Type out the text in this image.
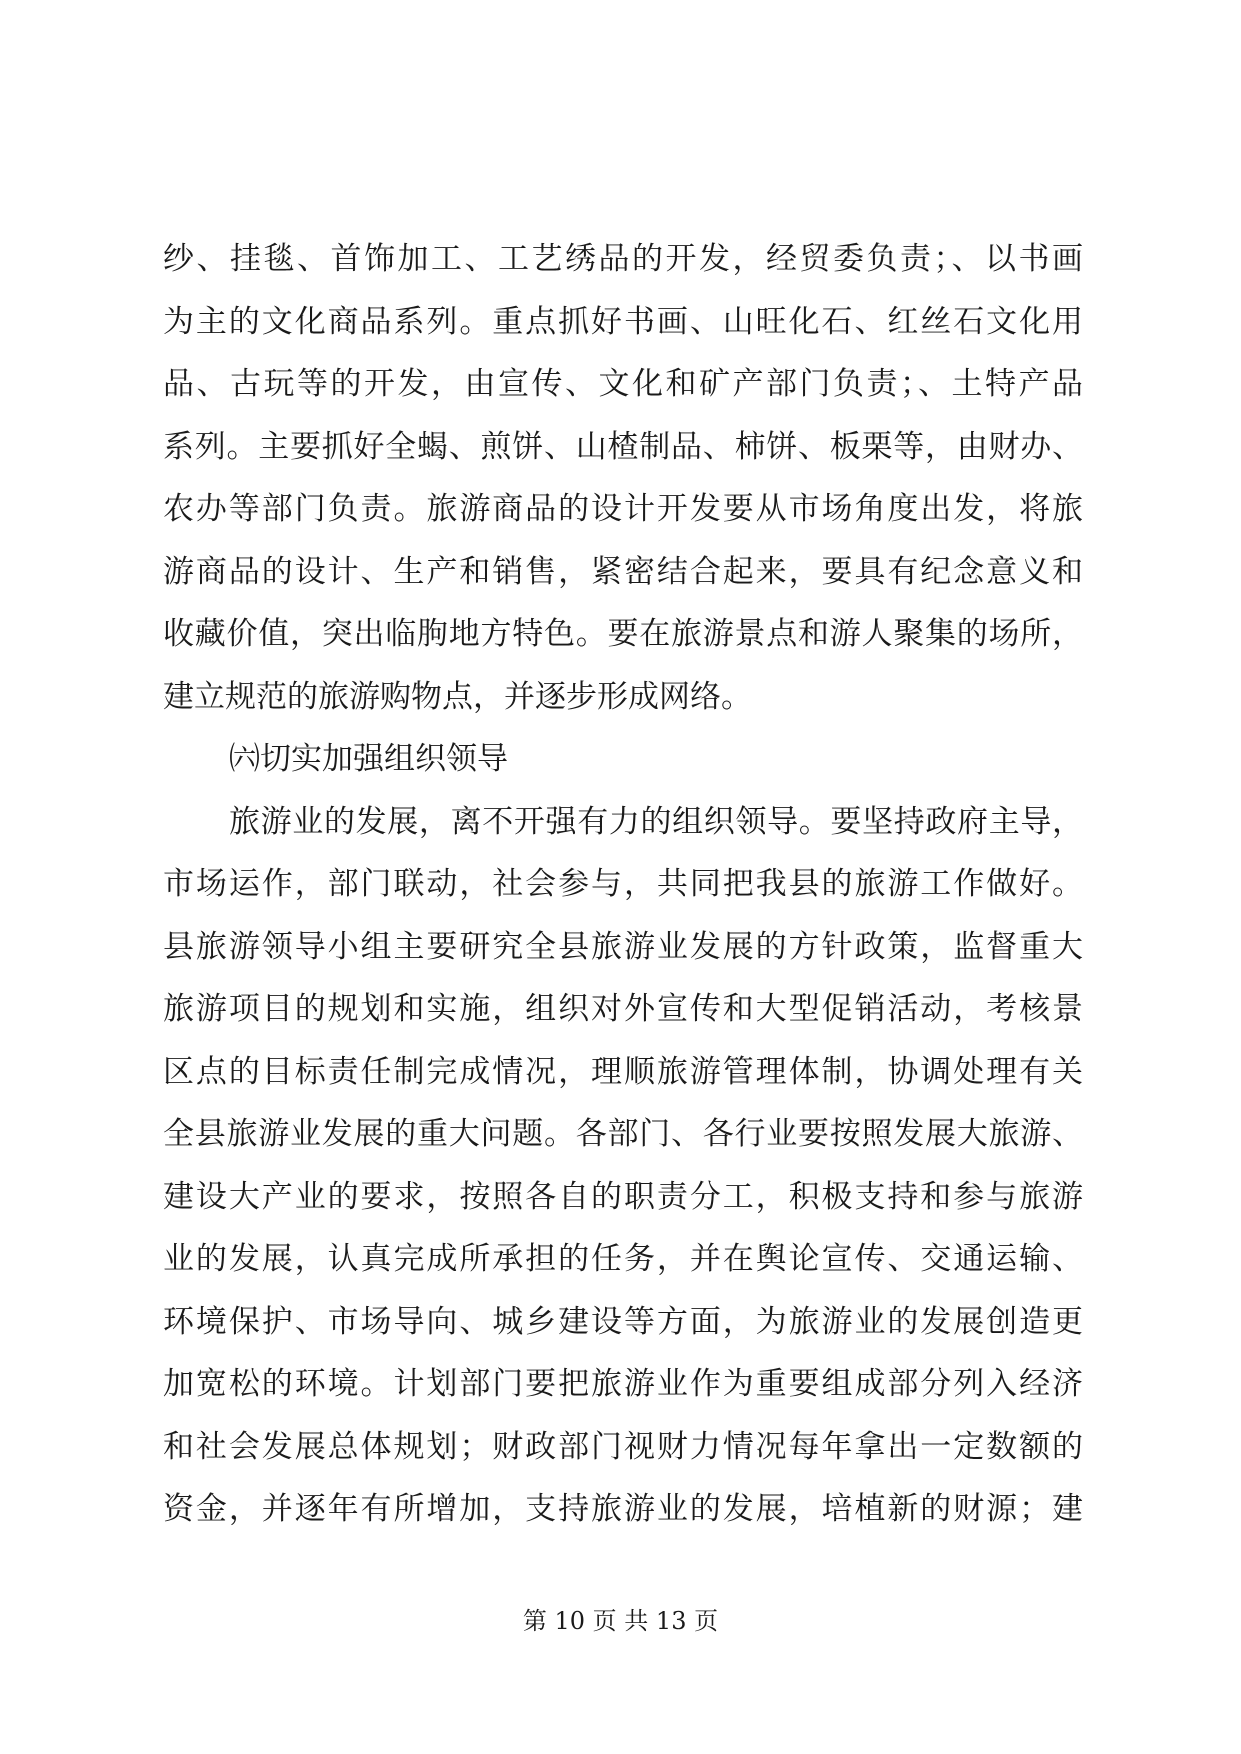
纱、挂毯、首饰加工、工艺绣品的开发，经贸委负责；、以书画
为主的文化商品系列。重点抓好书画、山旺化石、红丝石文化用
品、古玩等的开发，由宣传、文化和矿产部门负责；、土特产品
系列。主要抓好全蝎、煎饼、山楂制品、柿饼、板栗等，由财办、
农办等部门负责。旅游商品的设计开发要从市场角度出发，将旅
游商品的设计、生产和销售，紧密结合起来，要具有纪念意义和
收藏价值，突出临朐地方特色。要在旅游景点和游人聚集的场所，
建立规范的旅游购物点，并逐步形成网络。
㈥切实加强组织领导
旅游业的发展，离不开强有力的组织领导。要坚持政府主导，
市场运作，部门联动，社会参与，共同把我县的旅游工作做好。
县旅游领导小组主要研究全县旅游业发展的方针政策，监督重大
旅游项目的规划和实施，组织对外宣传和大型促销活动，考核景
区点的目标责任制完成情况，理顺旅游管理体制，协调处理有关
全县旅游业发展的重大问题。各部门、各行业要按照发展大旅游、
建设大产业的要求，按照各自的职责分工，积极支持和参与旅游
业的发展，认真完成所承担的任务，并在舆论宣传、交通运输、
环境保护、市场导向、城乡建设等方面，为旅游业的发展创造更
加宽松的环境。计划部门要把旅游业作为重要组成部分列入经济
和社会发展总体规划；财政部门视财力情况每年拿出一定数额的
资金，并逐年有所增加，支持旅游业的发展，培植新的财源；建
第 10 页 共 13 页
